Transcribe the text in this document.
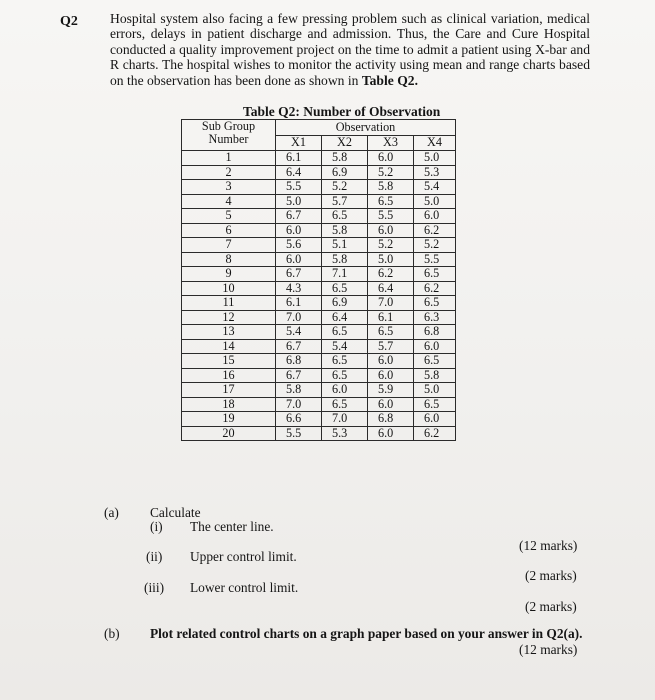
Q2 Hospital system also facing a few pressing problem such as clinical variation, medical errors, delays in patient discharge and admission. Thus, the Care and Cure Hospital conducted a quality improvement project on the time to admit a patient using X-bar and R charts. The hospital wishes to monitor the activity using mean and range charts based on the observation has been done as shown in Table Q2.
Table Q2: Number of Observation
Sub Group
Number	Observation			
	X1	X2	X3	X4
1	6.1	5.8	6.0	5.0
2	6.4	6.9	5.2	5.3
3	5.5	5.2	5.8	5.4
4	5.0	5.7	6.5	5.0
5	6.7	6.5	5.5	6.0
6	6.0	5.8	6.0	6.2
7	5.6	5.1	5.2	5.2
8	6.0	5.8	5.0	5.5
9	6.7	7.1	6.2	6.5
10	4.3	6.5	6.4	6.2
11	6.1	6.9	7.0	6.5
12	7.0	6.4	6.1	6.3
13	5.4	6.5	6.5	6.8
14	6.7	5.4	5.7	6.0
15	6.8	6.5	6.0	6.5
16	6.7	6.5	6.0	5.8
17	5.8	6.0	5.9	5.0
18	7.0	6.5	6.0	6.5
19	6.6	7.0	6.8	6.0
20	5.5	5.3	6.0	6.2
(a) Calculate
(i) The center line.
(12 marks)
(ii) Upper control limit.
(2 marks)
(iii) Lower control limit.
(2 marks)
(b) Plot related control charts on a graph paper based on your answer in Q2(a).
(12 marks)
